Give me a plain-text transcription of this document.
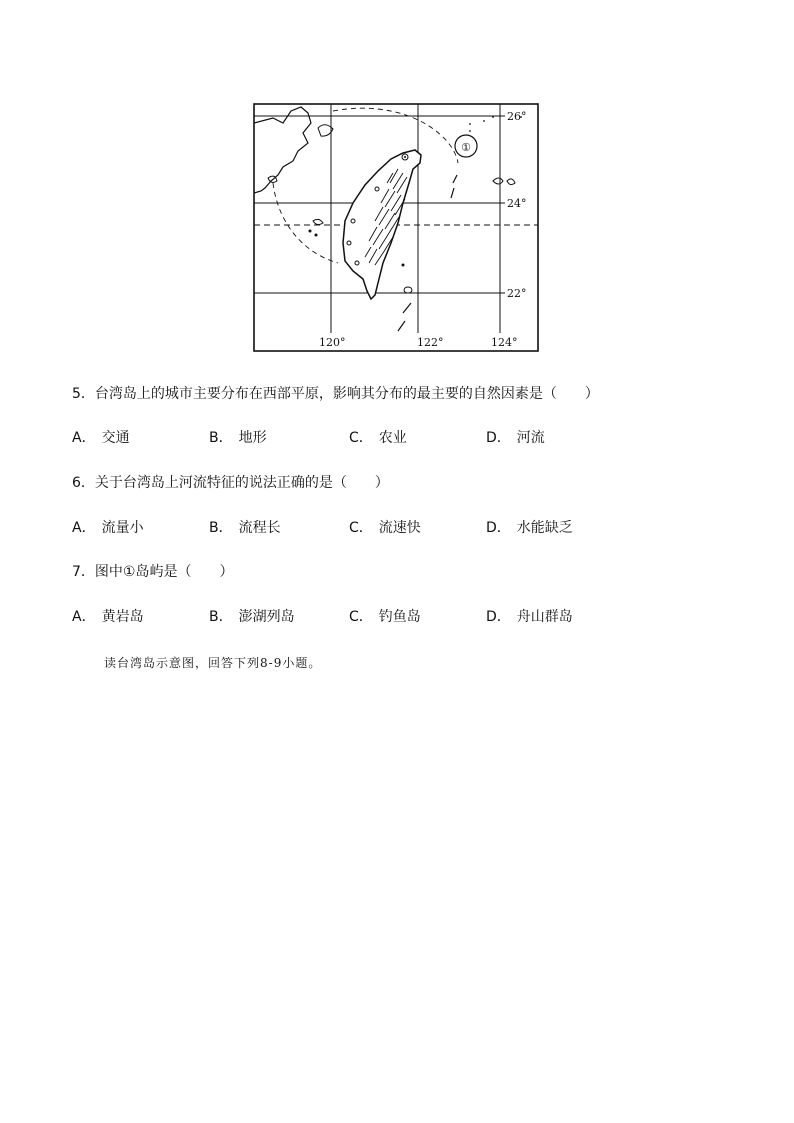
①
26°
24°
22°
120°	122°	124°
5．台湾岛上的城市主要分布在西部平原，影响其分布的最主要的自然因素是（　　）
A． 交通	B． 地形	C． 农业	D． 河流
6．关于台湾岛上河流特征的说法正确的是（　　）
A． 流量小	B． 流程长	C． 流速快	D． 水能缺乏
7．图中①岛屿是（　　）
A． 黄岩岛	B． 澎湖列岛	C． 钓鱼岛	D． 舟山群岛
读台湾岛示意图，回答下列8-9小题。
